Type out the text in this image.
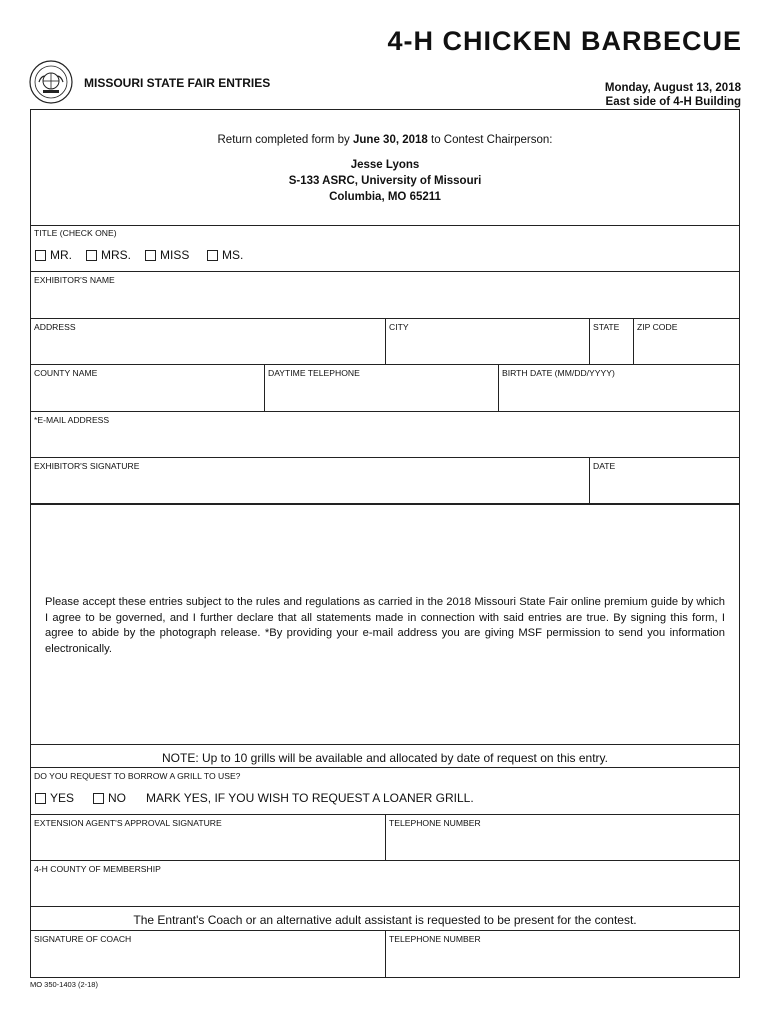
4-H CHICKEN BARBECUE
MISSOURI STATE FAIR ENTRIES	Monday, August 13, 2018
East side of 4-H Building
Return completed form by June 30, 2018 to Contest Chairperson:
Jesse Lyons
S-133 ASRC, University of Missouri
Columbia, MO 65211
TITLE (CHECK ONE)
MR. MRS. MISS	MS.
EXHIBITOR'S NAME
ADDRESS	CITY	STATE ZIP CODE
COUNTY NAME	DAYTIME TELEPHONE	BIRTH DATE (MM/DD/YYYY)
*E-MAIL ADDRESS
EXHIBITOR'S SIGNATURE	DATE
Please accept these entries subject to the rules and regulations as carried in the 2018 Missouri State Fair online premium guide by which I agree to be governed, and I further declare that all statements made in connection with said entries are true. By signing this form, I agree to abide by the photograph release. *By providing your e-mail address you are giving MSF permission to send you information electronically.
NOTE: Up to 10 grills will be available and allocated by date of request on this entry.
DO YOU REQUEST TO BORROW A GRILL TO USE?
YES	NO MARK YES, IF YOU WISH TO REQUEST A LOANER GRILL.
EXTENSION AGENT'S APPROVAL SIGNATURE	TELEPHONE NUMBER
4-H COUNTY OF MEMBERSHIP
The Entrant's Coach or an alternative adult assistant is requested to be present for the contest.
SIGNATURE OF COACH	TELEPHONE NUMBER
MO 350-1403 (2-18)
